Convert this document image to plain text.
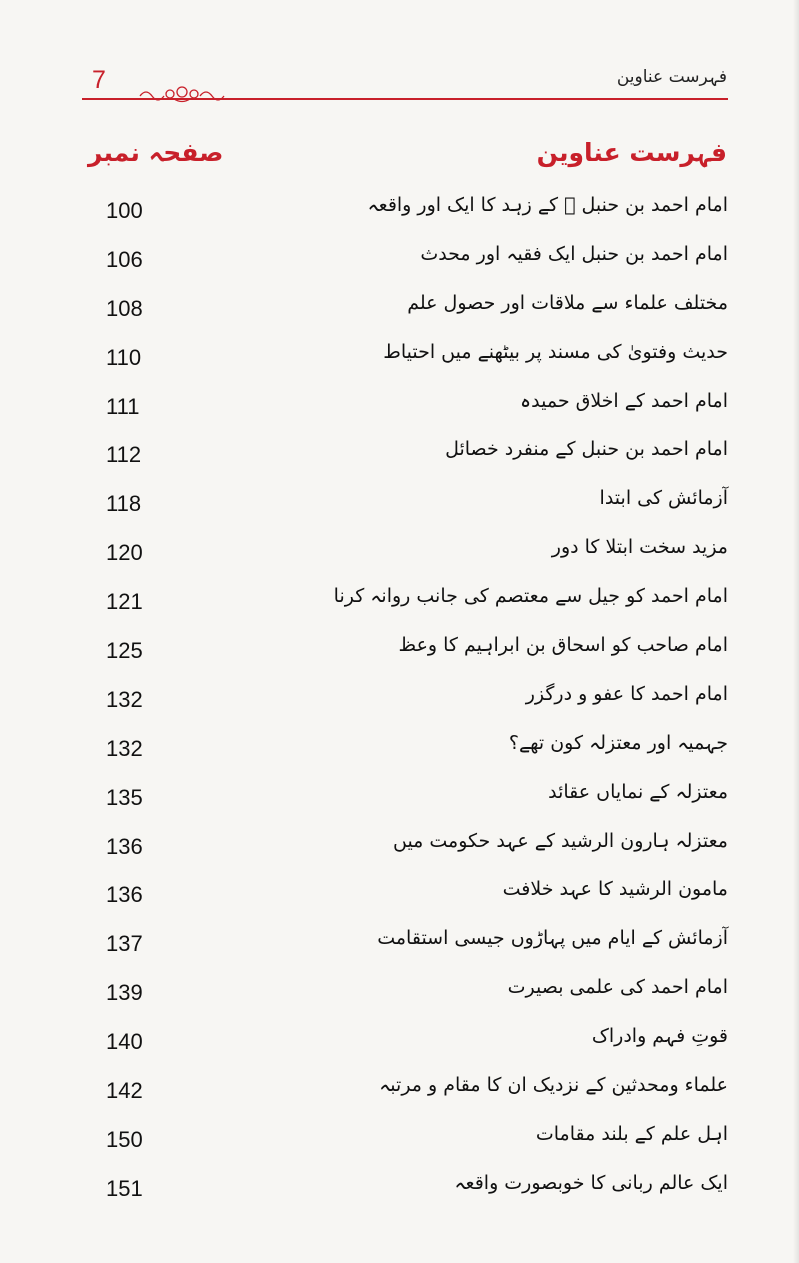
7	فہرست عناوین
فہرست عناوین
صفحہ نمبر
100	امام احمد بن حنبل ﷫ کے زہد کا ایک اور واقعہ
106	امام احمد بن حنبل ایک فقیہ اور محدث
108	مختلف علماء سے ملاقات اور حصول علم
110	حدیث وفتویٰ کی مسند پر بیٹھنے میں احتیاط
111	امام احمد کے اخلاق حمیدہ
112	امام احمد بن حنبل کے منفرد خصائل
118	آزمائش کی ابتدا
120	مزید سخت ابتلا کا دور
121	امام احمد کو جیل سے معتصم کی جانب روانہ کرنا
125	امام صاحب کو اسحاق بن ابراہیم کا وعظ
132	امام احمد کا عفو و درگزر
132	جہمیہ اور معتزلہ کون تھے؟
135	معتزلہ کے نمایاں عقائد
136	معتزلہ ہارون الرشید کے عہد حکومت میں
136	مامون الرشید کا عہد خلافت
137	آزمائش کے ایام میں پہاڑوں جیسی استقامت
139	امام احمد کی علمی بصیرت
140	قوتِ فہم وادراک
142	علماء ومحدثین کے نزدیک ان کا مقام و مرتبہ
150	اہل علم کے بلند مقامات
151	ایک عالم ربانی کا خوبصورت واقعہ
